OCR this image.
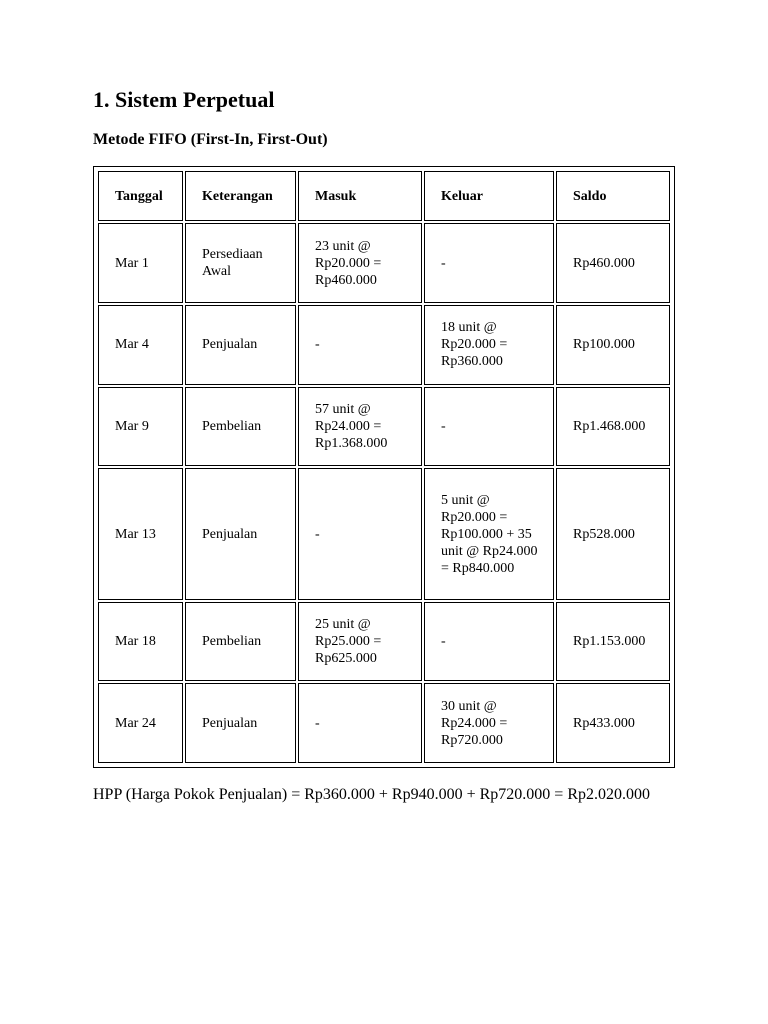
1. Sistem Perpetual
Metode FIFO (First-In, First-Out)
Tanggal	Keterangan	Masuk	Keluar	Saldo
Mar 1	Persediaan Awal	23 unit @ Rp20.000 = Rp460.000	-	Rp460.000
Mar 4	Penjualan	-	18 unit @ Rp20.000 = Rp360.000	Rp100.000
Mar 9	Pembelian	57 unit @ Rp24.000 = Rp1.368.000	-	Rp1.468.000
Mar 13	Penjualan	-	5 unit @ Rp20.000 = Rp100.000 + 35 unit @ Rp24.000 = Rp840.000	Rp528.000
Mar 18	Pembelian	25 unit @ Rp25.000 = Rp625.000	-	Rp1.153.000
Mar 24	Penjualan	-	30 unit @ Rp24.000 = Rp720.000	Rp433.000

HPP (Harga Pokok Penjualan) = Rp360.000 + Rp940.000 + Rp720.000 = Rp2.020.000
